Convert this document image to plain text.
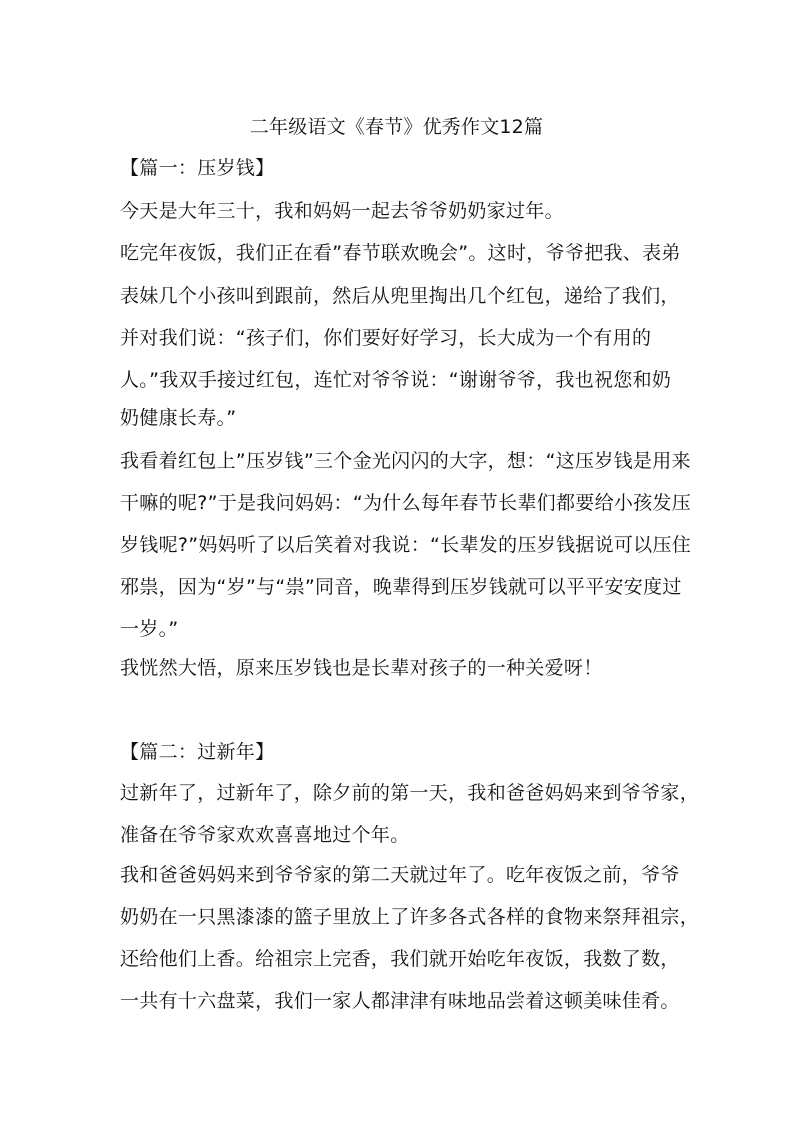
二年级语文《春节》优秀作文12篇
【篇一：压岁钱】
今天是大年三十，我和妈妈一起去爷爷奶奶家过年。
吃完年夜饭，我们正在看”春节联欢晚会”。这时，爷爷把我、表弟
表妹几个小孩叫到跟前，然后从兜里掏出几个红包，递给了我们，
并对我们说：“孩子们，你们要好好学习，长大成为一个有用的
人。”我双手接过红包，连忙对爷爷说：“谢谢爷爷，我也祝您和奶
奶健康长寿。”
我看着红包上”压岁钱”三个金光闪闪的大字，想：“这压岁钱是用来
干嘛的呢?”于是我问妈妈：“为什么每年春节长辈们都要给小孩发压
岁钱呢?”妈妈听了以后笑着对我说：“长辈发的压岁钱据说可以压住
邪祟，因为“岁”与“祟”同音，晚辈得到压岁钱就可以平平安安度过
一岁。”
我恍然大悟，原来压岁钱也是长辈对孩子的一种关爱呀！
【篇二：过新年】
过新年了，过新年了，除夕前的第一天，我和爸爸妈妈来到爷爷家，
准备在爷爷家欢欢喜喜地过个年。
我和爸爸妈妈来到爷爷家的第二天就过年了。吃年夜饭之前，爷爷
奶奶在一只黑漆漆的篮子里放上了许多各式各样的食物来祭拜祖宗，
还给他们上香。给祖宗上完香，我们就开始吃年夜饭，我数了数，
一共有十六盘菜，我们一家人都津津有味地品尝着这顿美味佳肴。
